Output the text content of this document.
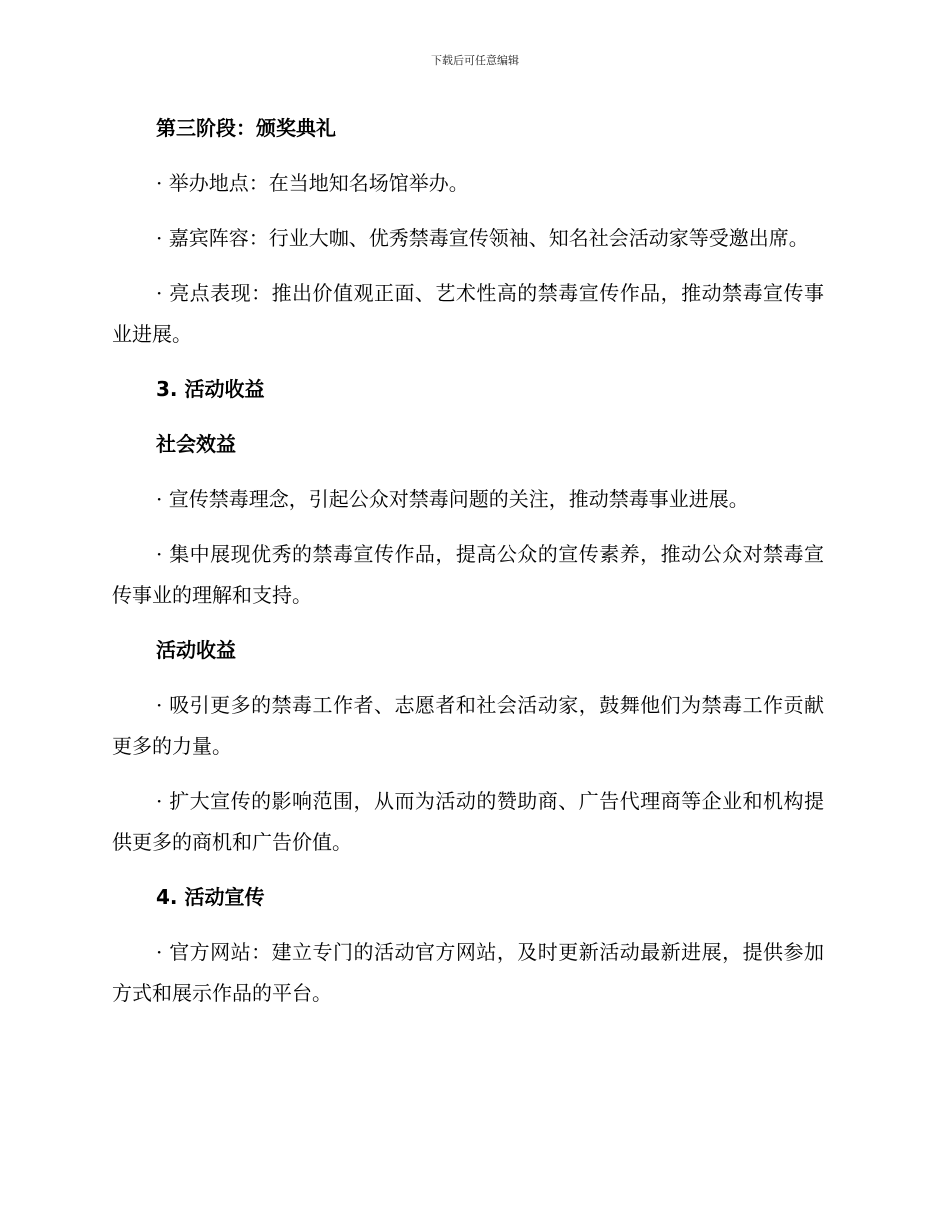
下载后可任意编辑
第三阶段：颁奖典礼
· 举办地点：在当地知名场馆举办。
· 嘉宾阵容：行业大咖、优秀禁毒宣传领袖、知名社会活动家等受邀出席。
· 亮点表现：推出价值观正面、艺术性高的禁毒宣传作品，推动禁毒宣传事业进展。
3. 活动收益
社会效益
· 宣传禁毒理念，引起公众对禁毒问题的关注，推动禁毒事业进展。
· 集中展现优秀的禁毒宣传作品，提高公众的宣传素养，推动公众对禁毒宣传事业的理解和支持。
活动收益
· 吸引更多的禁毒工作者、志愿者和社会活动家，鼓舞他们为禁毒工作贡献更多的力量。
· 扩大宣传的影响范围，从而为活动的赞助商、广告代理商等企业和机构提供更多的商机和广告价值。
4. 活动宣传
· 官方网站：建立专门的活动官方网站，及时更新活动最新进展，提供参加方式和展示作品的平台。
